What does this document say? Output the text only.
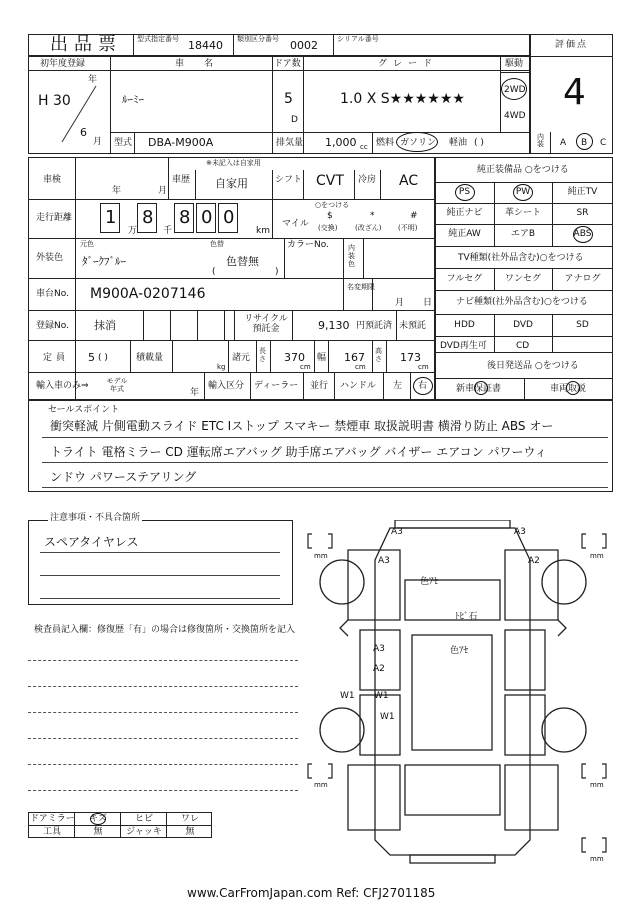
出品票 型式指定番号 18440 類別区分番号 0002	シリアル番号
評価点
4
初年度登録
H 30
年
6
月
車名
ﾙｰﾐｰ
ドア数
5
D
グレード
1.0 X S★★★★★★
駆動
2WD
4WD
型式 DBA-M900A	排気量 1,000 cc 燃料 ガソリン 軽油 ( )
内装 A B C
車検
年	月
車歴
※未記入は自家用
自家用	シフト CVT 冷房 AC
走行距離 1 8 8 0 0
万	千	km
○をつける
マイル
$
(交換)
*
(改ざん)
#
(不明)
外装色
元色	色替
ﾀﾞｰｸﾌﾞﾙｰ	色替無
(	)
カラーNo.	内装色
車台No. M900A-0207146	名変期限
月 日
登録No. 抹消	リサイクル預託金	9,130 円預託済 未預託
定員 5 ( )	積載量
kg
諸元
長さ 370
cm
幅 167
cm
高さ 173
cm
輸入車のみ⇒	モデル年式	年
輸入区分 ディーラー 並行 ハンドル 左 右
純正装備品 ○をつける
PS	PW	純正TV
純正ナビ	革シート	SR
純正AW	エアB	ABS
TV種類(社外品含む)○をつける
フルセグ	ワンセグ	アナログ
ナビ種類(社外品含む)○をつける
HDD	DVD	SD
DVD再生可	CD
後日発送品 ○をつける
新車保証書	車両取説
セールスポイント
衝突軽減 片側電動スライド ETC Iストップ スマキー 禁煙車 取扱説明書 横滑り防止 ABS オー
トライト 電格ミラー CD 運転席エアバッグ 助手席エアバッグ バイザー エアコン パワーウィ
ンドウ パワーステアリング
注意事項・不具合箇所
スペアタイヤレス
検査員記入欄：修復歴「有」の場合は修復箇所・交換箇所を記入
ドアミラー	キズ	ヒビ	ワレ
工具	無	ジャッキ	無
A3	A3
A3	A2
色ｱｾ
ﾄﾋﾞ石
A3	色ｱｾ
A2
W1 W1
W1
mm	mm
mm	mm
mm
www.CarFromJapan.com Ref: CFJ2701185
